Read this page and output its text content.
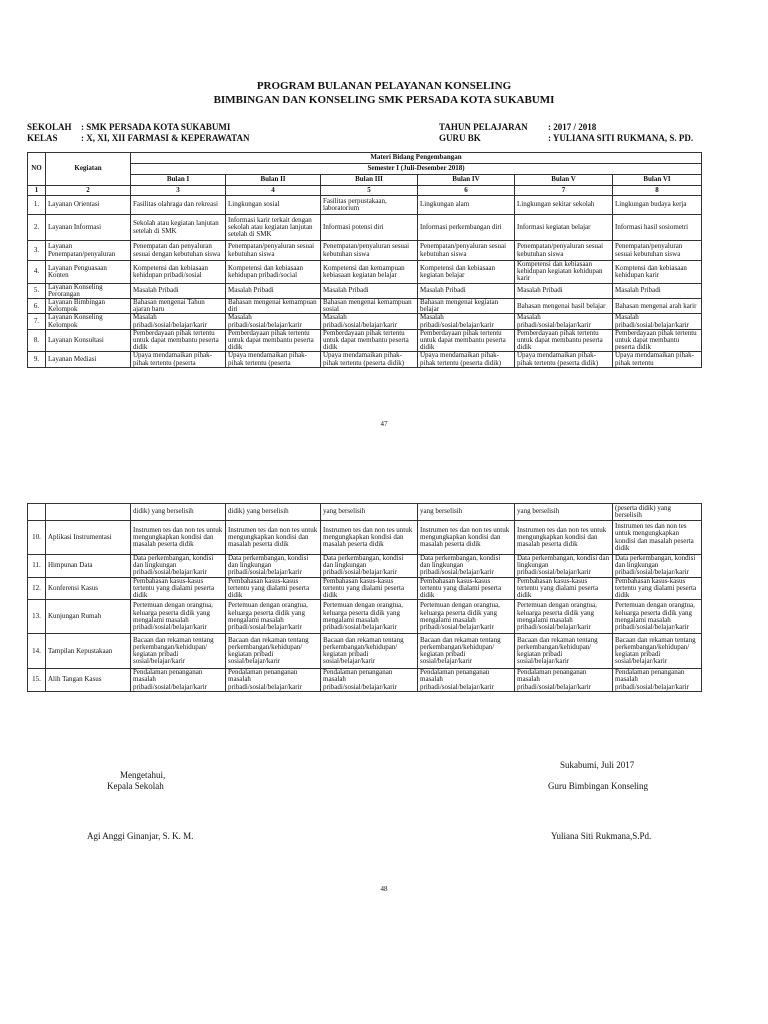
PROGRAM BULANAN PELAYANAN KONSELING
BIMBINGAN DAN KONSELING SMK PERSADA KOTA SUKABUMI
SEKOLAH : SMK PERSADA KOTA SUKABUMI
KELAS	: X, XI, XII FARMASI & KEPERAWATAN
TAHUN PELAJARAN : 2017 / 2018
GURU BK	: YULIANA SITI RUKMANA, S. PD.
NO	Kegiatan	Materi Bidang Pengembangan					
		Semester I (Juli-Desember 2018)					
		Bulan I	Bulan II	Bulan III	Bulan IV	Bulan V	Bulan VI
1	2	3	4	5	6	7	8
1.	Layanan Orientasi	Fasilitas olahraga dan rekreasi	Lingkungan sosial	Fasilitas perpustakaan, laboratorium	Lingkungan alam	Lingkungan sekitar sekolah	Lingkungan budaya kerja
2.	Layanan Informasi	Sekolah atau kegiatan lanjutan setelah di SMK	Informasi karir terkait dengan sekolah atau kegiatan lanjutan setelah di SMK	Informasi potensi diri	Informasi perkembangan diri	Informasi kegiatan belajar	Informasi hasil sosiometri
3.	Layanan Penempatan/penyaluran	Penempatan dan penyaluran sesuai dengan kebutuhan siswa	Penempatan/penyaluran sesuai kebutuhan siswa	Penempatan/penyaluran sesuai kebutuhan siswa	Penempatan/penyaluran sesuai kebutuhan siswa	Penempatan/penyaluran sesuai kebutuhan siswa	Penempatan/penyaluran sesuai kebutuhan siswa
4.	Layanan Penguasaan Konten	Kompetensi dan kebiasaan kehidupan pribadi/sosial	Kompetensi dan kebiasaan kehidupan pribadi/social	Kompetensi dan kemampuan kebiasaan kegiatan belajar	Kompetensi dan kebiasaan kegiatan belajar	Kompetensi dan kebiasaan kehidupan kegiatan kehidupan karir	Komptensi dan kebiasaan kehidupan karir
5.	Layanan Konseling Perorangan	Masalah Pribadi	Masalah Pribadi	Masalah Pribadi	Masalah Pribadi	Masalah Pribadi	Masalah Pribadi
6.	Layanan Bimbingan Kelompok	Bahasan mengenai Tahun ajaran baru	Bahasan mengenai kemampuan diri	Bahasan mengenai kemampuan sosial	Bahasan mengenai kegiatan belajar	Bahasan mengenai hasil belajar	Bahasan mengenai arah karir
7.	Layanan Konseling Kelompok	Masalah pribadi/sosial/belajar/karir	Masalah pribadi/sosial/belajar/karir	Masalah pribadi/sosial/belajar/karir	Masalah pribadi/sosial/belajar/karir	Masalah pribadi/sosial/belajar/karir	Masalah pribadi/sosial/belajar/karir
8.	Layanan Konsultasi	Pemberdayaan pihak tertentu untuk dapat membantu peserta didik	Pemberdayaan pihak tertentu untuk dapat membantu peserta didik	Pemberdayaan pihak tertentu untuk dapat membantu peserta didik	Pemberdayaan pihak tertentu untuk dapat membantu peserta didik	Pemberdayaan pihak tertentu untuk dapat membantu peserta didik	Pemberdayaan pihak tertentu untuk dapat membantu peserta didik
9.	Layanan Mediasi	Upaya mendamaikan pihak-pihak tertentu (peserta	Upaya mendamaikan pihak-pihak tertentu (peserta	Upaya mendamaikan pihak-pihak tertentu (peserta didik)	Upaya mendamaikan pihak-pihak tertentu (peserta didik)	Upaya mendamaikan pihak-pihak tertentu (peserta didik)	Upaya mendamaikan pihak-pihak tertentu
47
		didik) yang berselisih	didik) yang berselisih	yang berselisih	yang berselisih	yang berselisih	(peserta didik) yang berselisih
10.	Aplikasi Instrumentasi	Instrumen tes dan non tes untuk mengungkapkan kondisi dan masalah peserta didik	Instrumen tes dan non tes untuk mengungkapkan kondisi dan masalah peserta didik	Instrumen tes dan non tes untuk mengungkapkan kondisi dan masalah peserta didik	Instrumen tes dan non tes untuk mengungkapkan kondisi dan masalah peserta didik	Instrumen tes dan non tes untuk mengungkapkan kondisi dan masalah peserta didik	Instrumen tes dan non tes untuk mengungkapkan kondisi dan masalah peserta didik
11.	Himpunan Data	Data perkembangan, kondisi dan lingkungan pribadi/sosial/belajar/karir	Data perkembangan, kondisi dan lingkungan pribadi/sosial/belajar/karir	Data perkembangan, kondisi dan lingkungan pribadi/sosial/belajar/karir	Data perkembangan, kondisi dan lingkungan pribadi/sosial/belajar/karir	Data perkembangan, kondisi dan lingkungan pribadi/sosial/belajar/karir	Data perkembangan, kondisi dan lingkungan pribadi/sosial/belajar/karir
12.	Konferensi Kasus	Pembahasan kasus-kasus tertentu yang dialami peserta didik	Pembahasan kasus-kasus tertentu yang dialami peserta didik	Pembahasan kasus-kasus tertentu yang dialami peserta didik	Pembahasan kasus-kasus tertentu yang dialami peserta didik	Pembahasan kasus-kasus tertentu yang dialami peserta didik	Pembahasan kasus-kasus tertentu yang dialami peserta didik
13.	Kunjungan Rumah	Pertemuan dengan orangtua, keluarga peserta didik yang mengalami masalah pribadi/sosial/belajar/karir	Pertemuan dengan orangtua, keluarga peserta didik yang mengalami masalah pribadi/sosial/belajar/karir	Pertemuan dengan orangtua, keluarga peserta didik yang mengalami masalah pribadi/sosial/belajar/karir	Pertemuan dengan orangtua, keluarga peserta didik yang mengalami masalah pribadi/sosial/belajar/karir	Pertemuan dengan orangtua, keluarga peserta didik yang mengalami masalah pribadi/sosial/belajar/karir	Pertemuan dengan orangtua, keluarga peserta didik yang mengalami masalah pribadi/sosial/belajar/karir
14.	Tampilan Kepustakaan	Bacaan dan rekaman tentang perkembangan/kehidupan/ kegiatan pribadi sosial/belajar/karir	Bacaan dan rekaman tentang perkembangan/kehidupan/ kegiatan pribadi sosial/belajar/karir	Bacaan dan rekaman tentang perkembangan/kehidupan/ kegiatan pribadi sosial/belajar/karir	Bacaan dan rekaman tentang perkembangan/kehidupan/ kegiatan pribadi sosial/belajar/karir	Bacaan dan rekaman tentang perkembangan/kehidupan/ kegiatan pribadi sosial/belajar/karir	Bacaan dan rekaman tentang perkembangan/kehidupan/ kegiatan pribadi sosial/belajar/karir
15.	Alih Tangan Kasus	Pendalaman penanganan masalah pribadi/sosial/belajar/karir	Pendalaman penanganan masalah pribadi/sosial/belajar/karir	Pendalaman penanganan masalah pribadi/sosial/belajar/karir	Pendalaman penanganan masalah pribadi/sosial/belajar/karir	Pendalaman penanganan masalah pribadi/sosial/belajar/karir	Pendalaman penanganan masalah pribadi/sosial/belajar/karir
Mengetahui,
Kepala Sekolah
Agi Anggi Ginanjar, S. K. M.
Sukabumi, Juli 2017
Guru Bimbingan Konseling
Yuliana Siti Rukmana,S.Pd.
48
